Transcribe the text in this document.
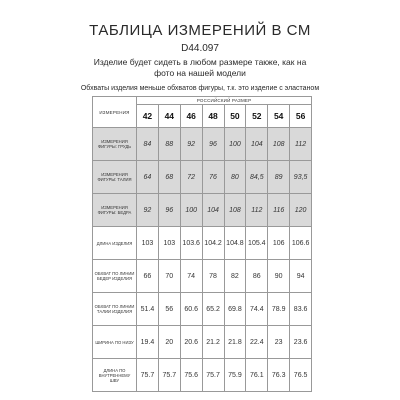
ТАБЛИЦА ИЗМЕРЕНИЙ В СМ
D44.097
Изделие будет сидеть в любом размере также, как на фото на нашей модели
Обхваты изделия меньше обхватов фигуры, т.к. это изделие с эластаном
ИЗМЕРЕНИЯ	РОССИЙСКИЙ РАЗМЕР							
	42	44	46	48	50	52	54	56
ИЗМЕРЕНИЯ ФИГУРЫ: ГРУДЬ	84	88	92	96	100	104	108	112
ИЗМЕРЕНИЯ ФИГУРЫ: ТАЛИЯ	64	68	72	76	80	84,5	89	93,5
ИЗМЕРЕНИЯ ФИГУРЫ: БЕДРА	92	96	100	104	108	112	116	120
ДЛИНА ИЗДЕЛИЯ	103	103	103.6	104.2	104.8	105.4	106	106.6
ОБХВАТ ПО ЛИНИИ БЕДЕР ИЗДЕЛИЯ	66	70	74	78	82	86	90	94
ОБХВАТ ПО ЛИНИИ ТАЛИИ ИЗДЕЛИЯ	51.4	56	60.6	65.2	69.8	74.4	78.9	83.6
ШИРИНА ПО НИЗУ	19.4	20	20.6	21.2	21.8	22.4	23	23.6
ДЛИНА ПО ВНУТРЕННЕМУ ШВУ	75.7	75.7	75.6	75.7	75.9	76.1	76.3	76.5
